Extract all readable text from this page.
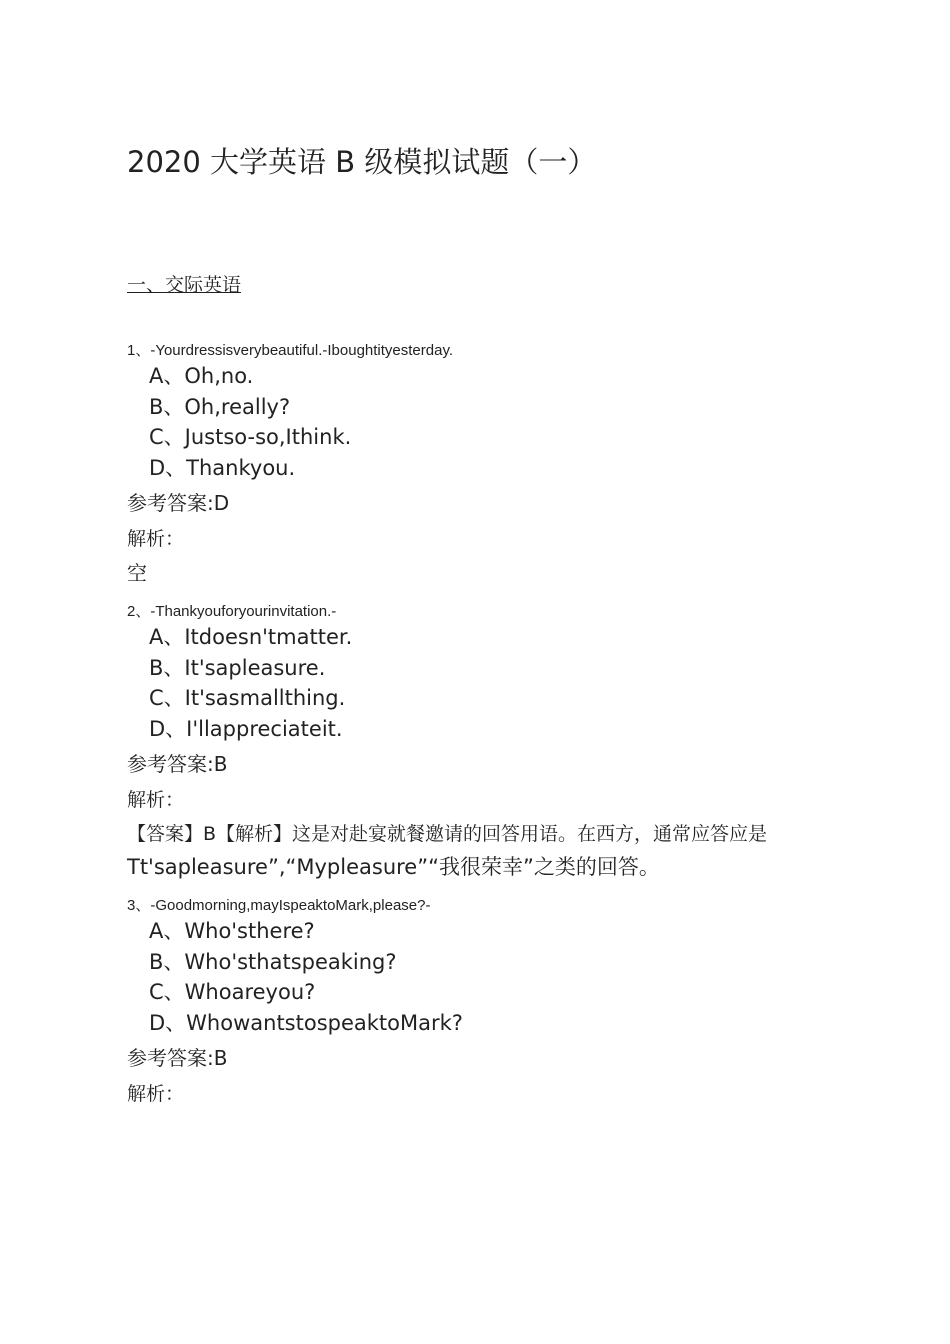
2020 大学英语 B 级模拟试题（一）
一、交际英语
1、-Yourdressisverybeautiful.-Iboughtityesterday.
A、Oh,no.
B、Oh,really?
C、Justso-so,Ithink.
D、Thankyou.
参考答案:D
解析：
空
2、-Thankyouforyourinvitation.-
A、Itdoesn'tmatter.
B、It'sapleasure.
C、It'sasmallthing.
D、I'llappreciateit.
参考答案:B
解析：
【答案】B【解析】这是对赴宴就餐邀请的回答用语。在西方，通常应答应是
Tt'sapleasure”,“Mypleasure”“我很荣幸”之类的回答。
3、-Goodmorning,mayIspeaktoMark,please?-
A、Who'sthere?
B、Who'sthatspeaking?
C、Whoareyou?
D、WhowantstospeaktoMark?
参考答案:B
解析：
